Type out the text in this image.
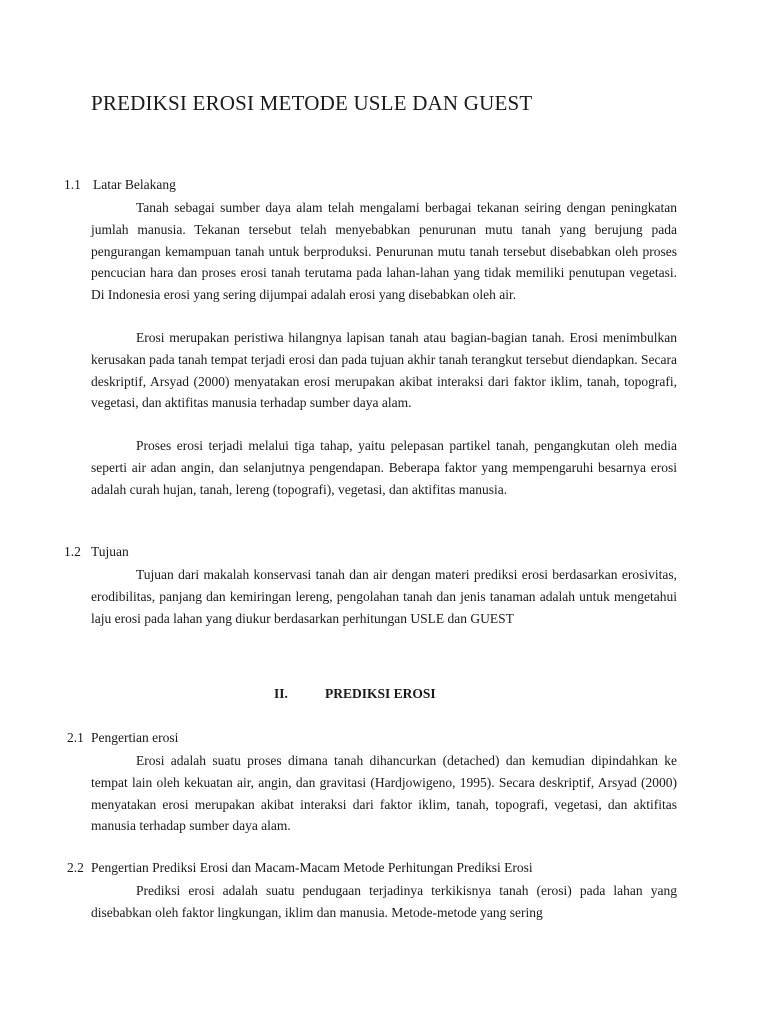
PREDIKSI EROSI METODE USLE DAN GUEST
1.1 Latar Belakang

Tanah sebagai sumber daya alam telah mengalami berbagai tekanan seiring dengan peningkatan jumlah manusia. Tekanan tersebut telah menyebabkan penurunan mutu tanah yang berujung pada pengurangan kemampuan tanah untuk berproduksi. Penurunan mutu tanah tersebut disebabkan oleh proses pencucian hara dan proses erosi tanah terutama pada lahan-lahan yang tidak memiliki penutupan vegetasi. Di Indonesia erosi yang sering dijumpai adalah erosi yang disebabkan oleh air.

Erosi merupakan peristiwa hilangnya lapisan tanah atau bagian-bagian tanah. Erosi menimbulkan kerusakan pada tanah tempat terjadi erosi dan pada tujuan akhir tanah terangkut tersebut diendapkan. Secara deskriptif, Arsyad (2000) menyatakan erosi merupakan akibat interaksi dari faktor iklim, tanah, topografi, vegetasi, dan aktifitas manusia terhadap sumber daya alam.

Proses erosi terjadi melalui tiga tahap, yaitu pelepasan partikel tanah, pengangkutan oleh media seperti air adan angin, dan selanjutnya pengendapan. Beberapa faktor yang mempengaruhi besarnya erosi adalah curah hujan, tanah, lereng (topografi), vegetasi, dan aktifitas manusia.

1.2 Tujuan

Tujuan dari makalah konservasi tanah dan air dengan materi prediksi erosi berdasarkan erosivitas, erodibilitas, panjang dan kemiringan lereng, pengolahan tanah dan jenis tanaman adalah untuk mengetahui laju erosi pada lahan yang diukur berdasarkan perhitungan USLE dan GUEST

II.	PREDIKSI EROSI
2.1 Pengertian erosi

Erosi adalah suatu proses dimana tanah dihancurkan (detached) dan kemudian dipindahkan ke tempat lain oleh kekuatan air, angin, dan gravitasi (Hardjowigeno, 1995). Secara deskriptif, Arsyad (2000) menyatakan erosi merupakan akibat interaksi dari faktor iklim, tanah, topografi, vegetasi, dan aktifitas manusia terhadap sumber daya alam.

2.2 Pengertian Prediksi Erosi dan Macam-Macam Metode Perhitungan Prediksi Erosi

Prediksi erosi adalah suatu pendugaan terjadinya terkikisnya tanah (erosi) pada lahan yang disebabkan oleh faktor lingkungan, iklim dan manusia. Metode-metode yang sering
